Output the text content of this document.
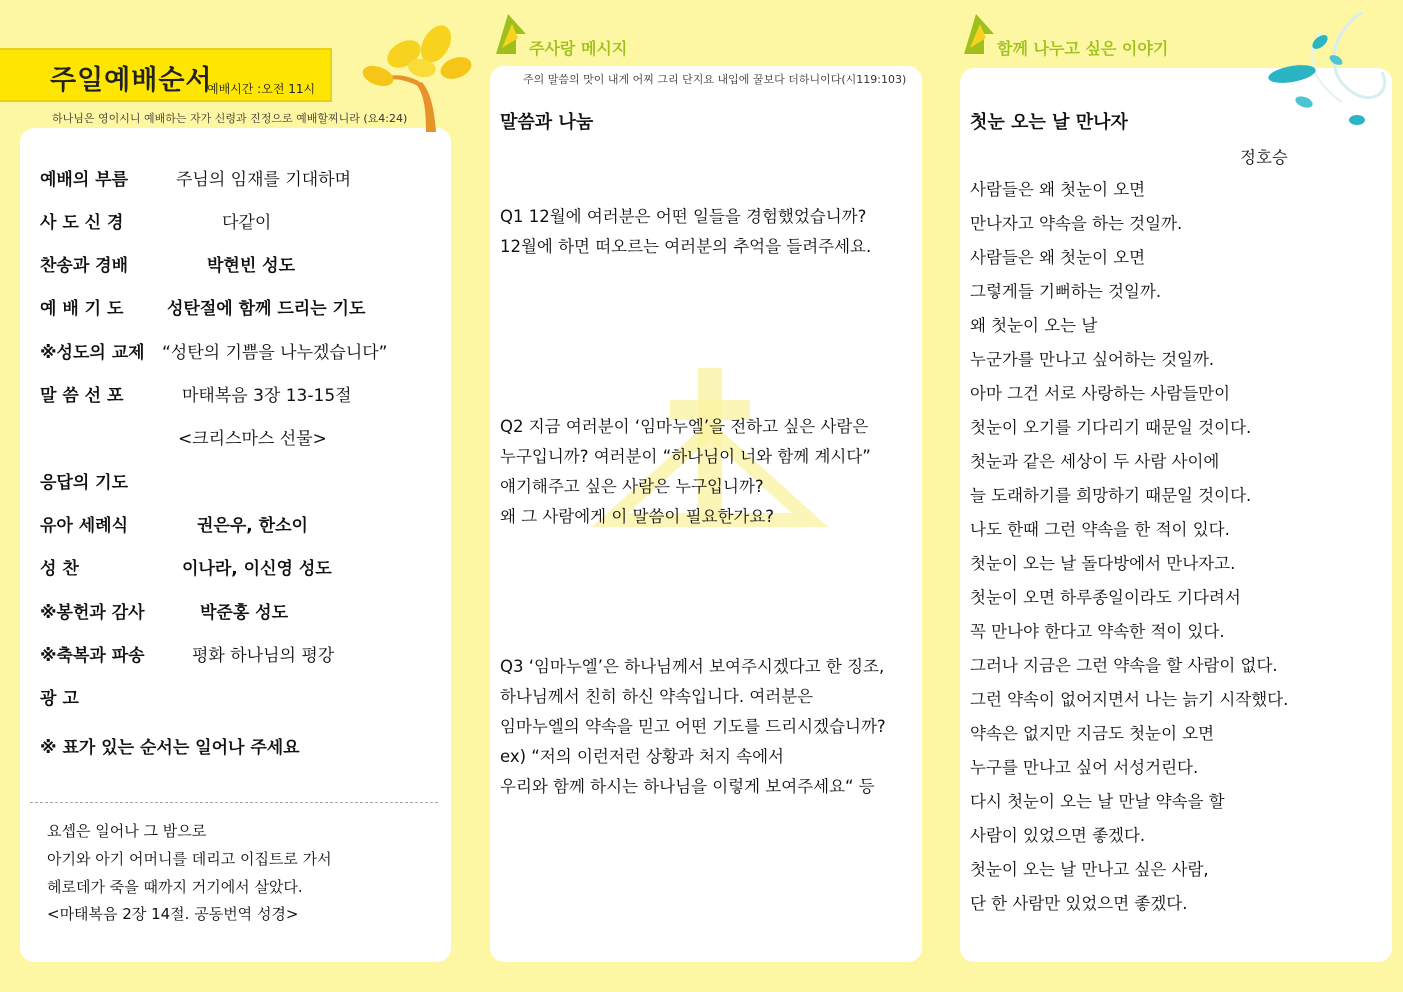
주일예배순서
예배시간 :오전 11시
하나님은 영이시니 예배하는 자가 신령과 진정으로 예배할찌니라 (요4:24)
예배의 부름	주님의 임재를 기대하며
사 도 신 경	다같이
찬송과 경배	박현빈 성도
예 배 기 도	성탄절에 함께 드리는 기도
※성도의 교제 “성탄의 기쁨을 나누겠습니다”
말 씀 선 포	마태복음 3장 13-15절
<크리스마스 선물>
응답의 기도
유아 세례식	권은우, 한소이
성 찬	이나라, 이신영 성도
※봉헌과 감사	박준홍 성도
※축복과 파송	평화 하나님의 평강
광 고
※ 표가 있는 순서는 일어나 주세요
요셉은 일어나 그 밤으로
아기와 아기 어머니를 데리고 이집트로 가서
헤로데가 죽을 때까지 거기에서 살았다.
<마태복음 2장 14절. 공동번역 성경>
주사랑 메시지
주의 말씀의 맛이 내게 어찌 그리 단지요 내입에 꿀보다 더하니이다(시119:103)
말씀과 나눔
Q1 12월에 여러분은 어떤 일들을 경험했었습니까?
12월에 하면 떠오르는 여러분의 추억을 들려주세요.
Q2 지금 여러분이 ‘임마누엘’을 전하고 싶은 사람은
누구입니까? 여러분이 “하나님이 너와 함께 계시다”
얘기해주고 싶은 사람은 누구입니까?
왜 그 사람에게 이 말씀이 필요한가요?
Q3 ‘임마누엘’은 하나님께서 보여주시겠다고 한 징조,
하나님께서 친히 하신 약속입니다. 여러분은
임마누엘의 약속을 믿고 어떤 기도를 드리시겠습니까?
ex) “저의 이런저런 상황과 처지 속에서
우리와 함께 하시는 하나님을 이렇게 보여주세요“ 등
함께 나누고 싶은 이야기
첫눈 오는 날 만나자
정호승
사람들은 왜 첫눈이 오면
만나자고 약속을 하는 것일까.
사람들은 왜 첫눈이 오면
그렇게들 기뻐하는 것일까.
왜 첫눈이 오는 날
누군가를 만나고 싶어하는 것일까.
아마 그건 서로 사랑하는 사람들만이
첫눈이 오기를 기다리기 때문일 것이다.
첫눈과 같은 세상이 두 사람 사이에
늘 도래하기를 희망하기 때문일 것이다.
나도 한때 그런 약속을 한 적이 있다.
첫눈이 오는 날 돌다방에서 만나자고.
첫눈이 오면 하루종일이라도 기다려서
꼭 만나야 한다고 약속한 적이 있다.
그러나 지금은 그런 약속을 할 사람이 없다.
그런 약속이 없어지면서 나는 늙기 시작했다.
약속은 없지만 지금도 첫눈이 오면
누구를 만나고 싶어 서성거린다.
다시 첫눈이 오는 날 만날 약속을 할
사람이 있었으면 좋겠다.
첫눈이 오는 날 만나고 싶은 사람,
단 한 사람만 있었으면 좋겠다.
